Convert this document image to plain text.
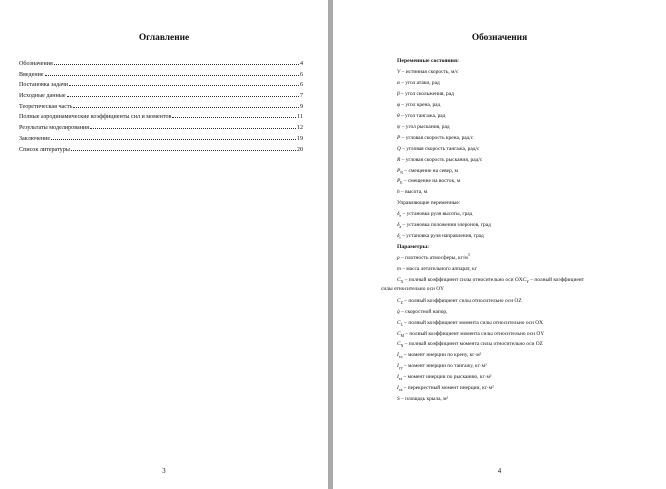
Оглавление
Обозначения	4
Введение	6
Постановка задачи	6
Исходные данные	7
Теоретическая часть	9
Полные аэродинамические коэффициенты сил и моментов	11
Результаты моделирования	12
Заключение	19
Список литературы	20
3
Обозначения
Переменные состояния:
V – истинная скорость, м/с
α – угол атаки, рад
β – угол скольжения, рад
φ – угол крена, рад
θ – угол тангажа, рад
ψ – угол рыскания, рад
P – угловая скорость крена, рад/с
Q – угловая скорость тангажа, рад/с
R – угловая скорость рыскания, рад/с
$P_N$ – смещение на север, м
$P_E$ – смещение на восток, м
h – высота, м
Управляющие переменные:
$\delta_e$ – установка руля высоты, град
$\delta_a$ – установка положения элеронов, град
$\delta_r$ – установка руля направления, град
Параметры:
ρ – плотность атмосферы, $кг/м^3$
m – масса летательного аппарат, кг
$C_X$ – полный коэффициент силы относительно оси $OXC_Y$ – полный коэффициент
силы относительно оси OY
$C_Z$ – полный коэффициент силы относительно оси OZ
q̄ – скоростной напор,
$C_L$ – полный коэффициент момента силы относительно оси OX
$C_M$ – полный коэффициент момента силы относительно оси OY
$C_N$ – полный коэффициент момента силы относительно оси OZ
$I_{xx}$ – момент инерции по крену, кг·м²
$I_{yy}$ – момент инерции по тангажу, кг·м²
$I_{zz}$ – момент инерции по рысканию, кг·м²
$I_{xz}$ – перекрестный момент инерции, кг·м²
S – площадь крыла, м²
4
